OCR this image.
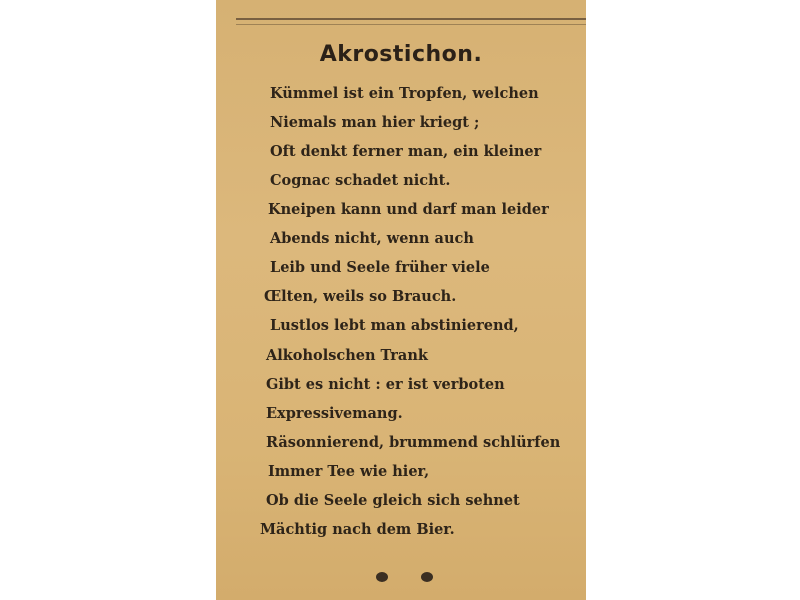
Akrostichon.
Kümmel ist ein Tropfen, welchen
Niemals man hier kriegt ;
Oft denkt ferner man, ein kleiner
Cognac schadet nicht.
Kneipen kann und darf man leider
Abends nicht, wenn auch
Leib und Seele früher viele
Œlten, weils so Brauch.
Lustlos lebt man abstinierend,
Alkoholschen Trank
Gibt es nicht : er ist verboten
Expressivemang.
Räsonnierend, brummend schlürfen
Immer Tee wie hier,
Ob die Seele gleich sich sehnet
Mächtig nach dem Bier.
